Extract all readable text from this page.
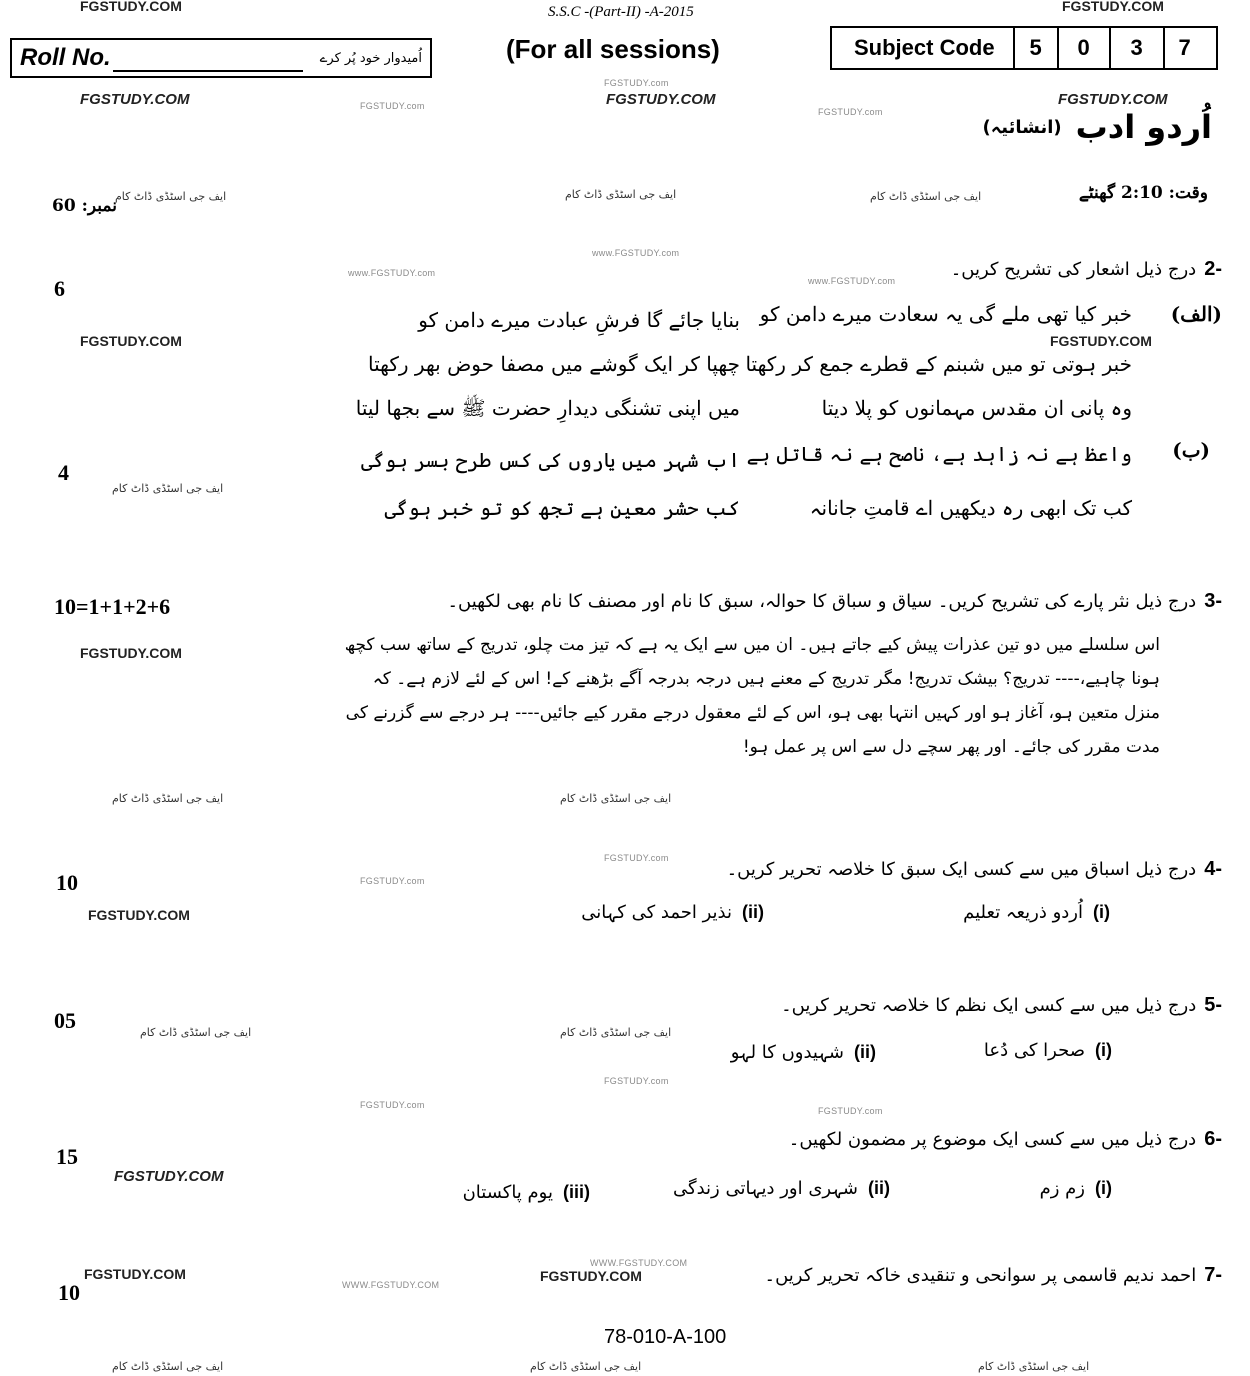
FGSTUDY.COM	FGSTUDY.COM
Roll No.	اُمیدوار خود پُر کرے
S.S.C -(Part-II) -A-2015
(For all sessions)
FGSTUDY.com
Subject Code	5	0	3	7
FGSTUDY.COM	FGSTUDY.com	FGSTUDY.COM
FGSTUDY.com
FGSTUDY.COM
اُردو ادب
(انشائیہ)
وقت: 2:10 گھنٹے
ایف جی اسٹڈی ڈاٹ کام
ایف جی اسٹڈی ڈاٹ کام
نمبر: 60
ایف جی اسٹڈی ڈاٹ کام
www.FGSTUDY.com
www.FGSTUDY.com
www.FGSTUDY.com
6
2-
درج ذیل اشعار کی تشریح کریں۔
(الف)
FGSTUDY.COM
FGSTUDY.COM
خبر کیا تھی ملے گی یہ سعادت میرے دامن کو
بنایا جائے گا فرشِ عبادت میرے دامن کو
خبر ہوتی تو میں شبنم کے قطرے جمع کر رکھتا
چھپا کر ایک گوشے میں مصفا حوض بھر رکھتا
وہ پانی ان مقدس مہمانوں کو پلا دیتا
میں اپنی تشنگی دیدارِ حضرت ﷺ سے بجھا لیتا
(ب)
4
ایف جی اسٹڈی ڈاٹ کام
واعظ ہے نہ زاہد ہے، ناصح ہے نہ قاتل ہے
اب شہر میں یاروں کی کس طرح بسر ہوگی
کب تک ابھی رہ دیکھیں اے قامتِ جانانہ
کب حشر معین ہے تجھ کو تو خبر ہوگی
10=1+1+2+6
FGSTUDY.COM
3-
درج ذیل نثر پارے کی تشریح کریں۔ سیاق و سباق کا حوالہ، سبق کا نام اور مصنف کا نام بھی لکھیں۔
اس سلسلے میں دو تین عذرات پیش کیے جاتے ہیں۔ ان میں سے ایک یہ ہے کہ تیز مت چلو، تدریج کے ساتھ سب کچھ ہونا چاہیے،---- تدریج؟ بیشک تدریج! مگر تدریج کے معنے ہیں درجہ بدرجہ آگے بڑھنے کے! اس کے لئے لازم ہے۔ کہ منزل متعین ہو، آغاز ہو اور کہیں انتہا بھی ہو، اس کے لئے معقول درجے مقرر کیے جائیں---- ہر درجے سے گزرنے کی مدت مقرر کی جائے۔ اور پھر سچے دل سے اس پر عمل ہو!
ایف جی اسٹڈی ڈاٹ کام	ایف جی اسٹڈی ڈاٹ کام
FGSTUDY.com
FGSTUDY.com
10
FGSTUDY.COM
4-
درج ذیل اسباق میں سے کسی ایک سبق کا خلاصہ تحریر کریں۔
(i)
اُردو ذریعہ تعلیم
(ii)
نذیر احمد کی کہانی
05	ایف جی اسٹڈی ڈاٹ کام	ایف جی اسٹڈی ڈاٹ کام
5-
درج ذیل میں سے کسی ایک نظم کا خلاصہ تحریر کریں۔
(i)
صحرا کی دُعا
(ii)
شہیدوں کا لہو
FGSTUDY.com
FGSTUDY.com
FGSTUDY.com
15
FGSTUDY.COM
6-
درج ذیل میں سے کسی ایک موضوع پر مضمون لکھیں۔
(i)
زم زم
(ii)
شہری اور دیہاتی زندگی
(iii)
یوم پاکستان
10
FGSTUDY.COM
WWW.FGSTUDY.COM
WWW.FGSTUDY.COM
FGSTUDY.COM	7-
احمد ندیم قاسمی پر سوانحی و تنقیدی خاکہ تحریر کریں۔
78-010-A-100
ایف جی اسٹڈی ڈاٹ کام	ایف جی اسٹڈی ڈاٹ کام	ایف جی اسٹڈی ڈاٹ کام
